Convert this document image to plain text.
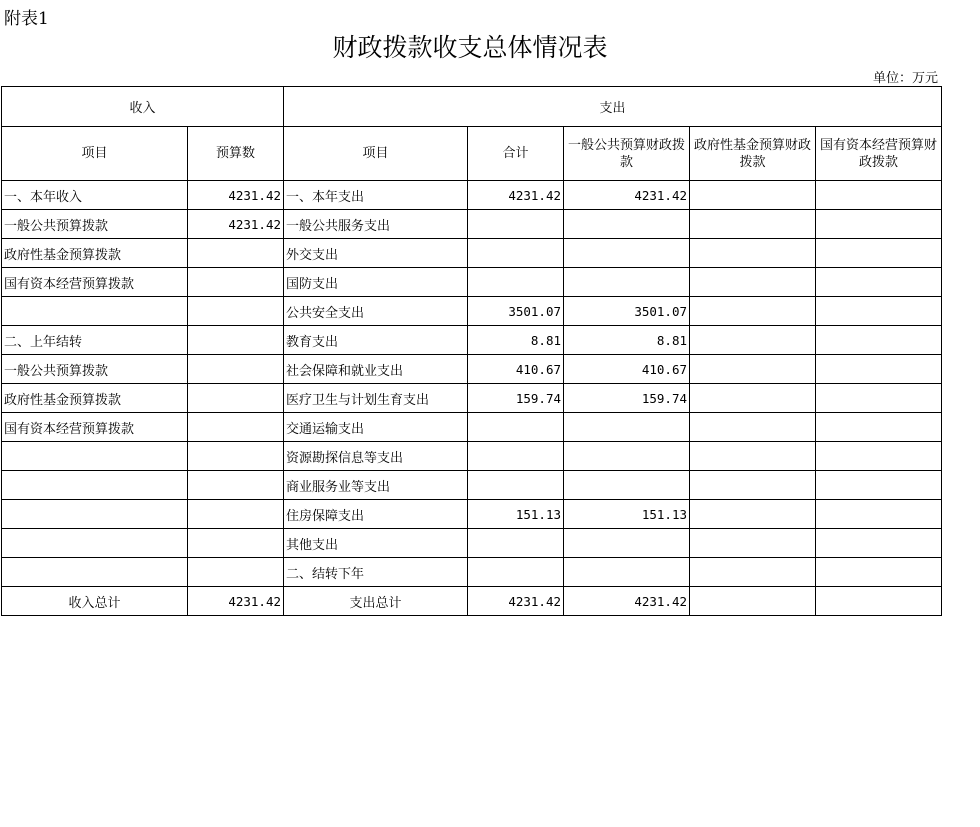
附表1
财政拨款收支总体情况表
单位：万元
收入		支出				
项目	预算数	项目	合计	一般公共预算财政拨款	政府性基金预算财政拨款	国有资本经营预算财政拨款
一、本年收入	4231.42	一、本年支出	4231.42	4231.42		
一般公共预算拨款	4231.42	一般公共服务支出				
政府性基金预算拨款		外交支出				
国有资本经营预算拨款		国防支出				
		公共安全支出	3501.07	3501.07		
二、上年结转		教育支出	8.81	8.81		
一般公共预算拨款		社会保障和就业支出	410.67	410.67		
政府性基金预算拨款		医疗卫生与计划生育支出	159.74	159.74		
国有资本经营预算拨款		交通运输支出				
		资源勘探信息等支出				
		商业服务业等支出				
		住房保障支出	151.13	151.13		
		其他支出				
		二、结转下年				
收入总计	4231.42	支出总计	4231.42	4231.42		
